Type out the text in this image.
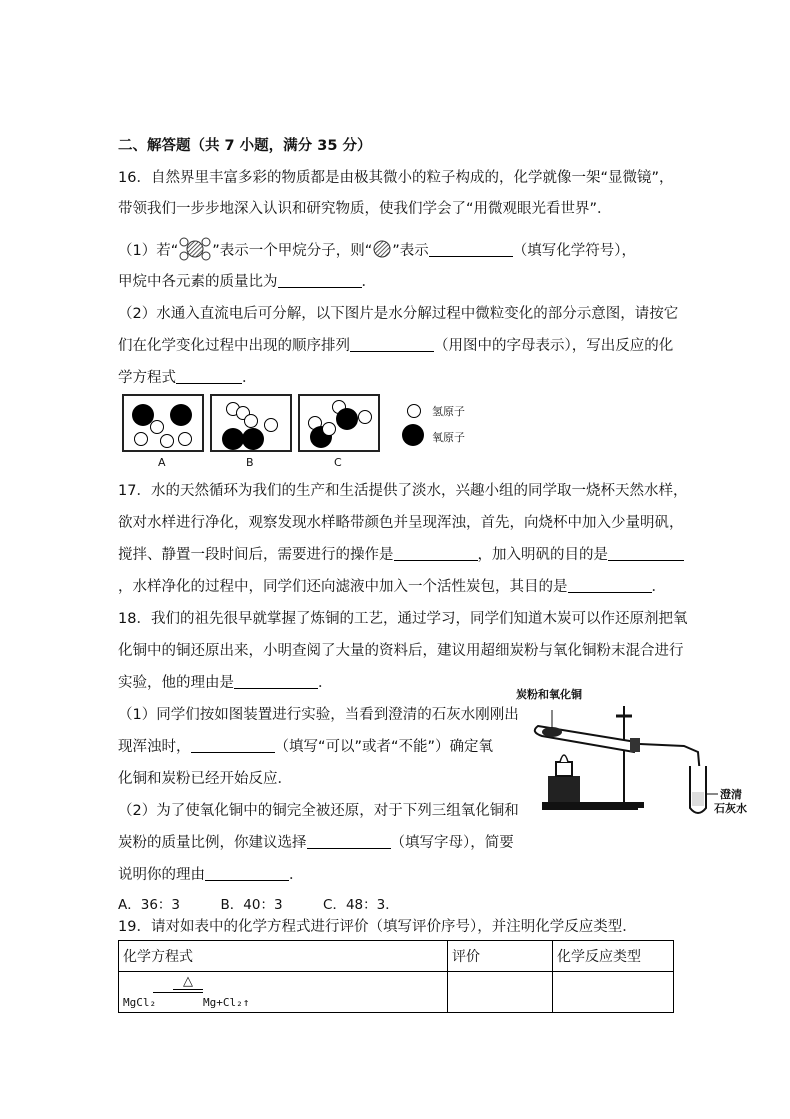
二、解答题（共 7 小题，满分 35 分）
16．自然界里丰富多彩的物质都是由极其微小的粒子构成的，化学就像一架“显微镜”，
带领我们一步步地深入认识和研究物质，使我们学会了“用微观眼光看世界”．
（1）若“ ”表示一个甲烷分子，则“ ”表示	（填写化学符号），
甲烷中各元素的质量比为	．
（2）水通入直流电后可分解，以下图片是水分解过程中微粒变化的部分示意图，请按它
们在化学变化过程中出现的顺序排列	（用图中的字母表示），写出反应的化
学方程式	．
A	B	C
氢原子
氧原子
17．水的天然循环为我们的生产和生活提供了淡水，兴趣小组的同学取一烧杯天然水样，
欲对水样进行净化，观察发现水样略带颜色并呈现浑浊，首先，向烧杯中加入少量明矾，
搅拌、静置一段时间后，需要进行的操作是	，加入明矾的目的是
，水样净化的过程中，同学们还向滤液中加入一个活性炭包，其目的是	．
18．我们的祖先很早就掌握了炼铜的工艺，通过学习，同学们知道木炭可以作还原剂把氧
化铜中的铜还原出来，小明查阅了大量的资料后，建议用超细炭粉与氧化铜粉末混合进行
实验，他的理由是	．
（1）同学们按如图装置进行实验，当看到澄清的石灰水刚刚出
现浑浊时，	（填写“可以”或者“不能”）确定氧
化铜和炭粉已经开始反应．
（2）为了使氧化铜中的铜完全被还原，对于下列三组氧化铜和
炭粉的质量比例，你建议选择	（填写字母），简要
说明你的理由	．
A．36：3　　　B．40：3　　　C．48：3．
炭粉和氧化铜
澄清
石灰水
19．请对如表中的化学方程式进行评价（填写评价序号），并注明化学反应类型．
化学方程式	评价	化学反应类型

MgCl₂
△
Mg+Cl₂↑		
